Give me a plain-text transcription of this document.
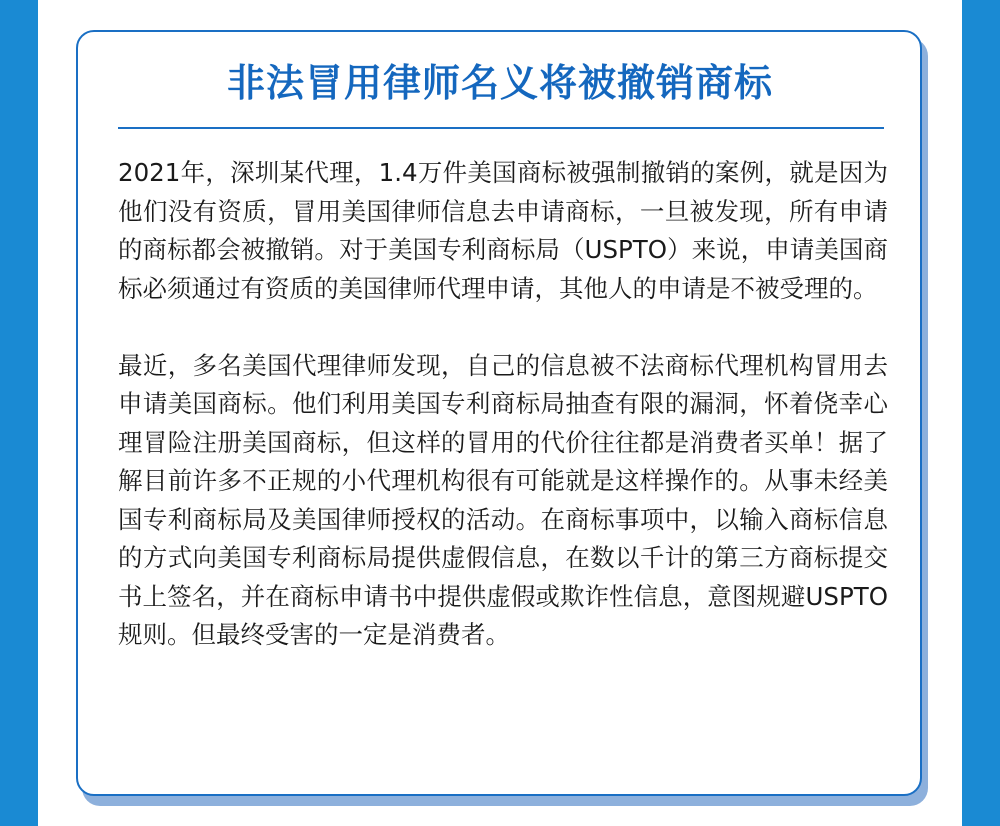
非法冒用律师名义将被撤销商标

2021年，深圳某代理，1.4万件美国商标被强制撤销的案例，就是因为他们没有资质，冒用美国律师信息去申请商标，一旦被发现，所有申请的商标都会被撤销。对于美国专利商标局（USPTO）来说，申请美国商标必须通过有资质的美国律师代理申请，其他人的申请是不被受理的。

最近，多名美国代理律师发现，自己的信息被不法商标代理机构冒用去申请美国商标。他们利用美国专利商标局抽查有限的漏洞，怀着侥幸心理冒险注册美国商标，但这样的冒用的代价往往都是消费者买单！据了解目前许多不正规的小代理机构很有可能就是这样操作的。从事未经美国专利商标局及美国律师授权的活动。在商标事项中，以输入商标信息的方式向美国专利商标局提供虚假信息，在数以千计的第三方商标提交书上签名，并在商标申请书中提供虚假或欺诈性信息，意图规避USPTO规则。但最终受害的一定是消费者。
